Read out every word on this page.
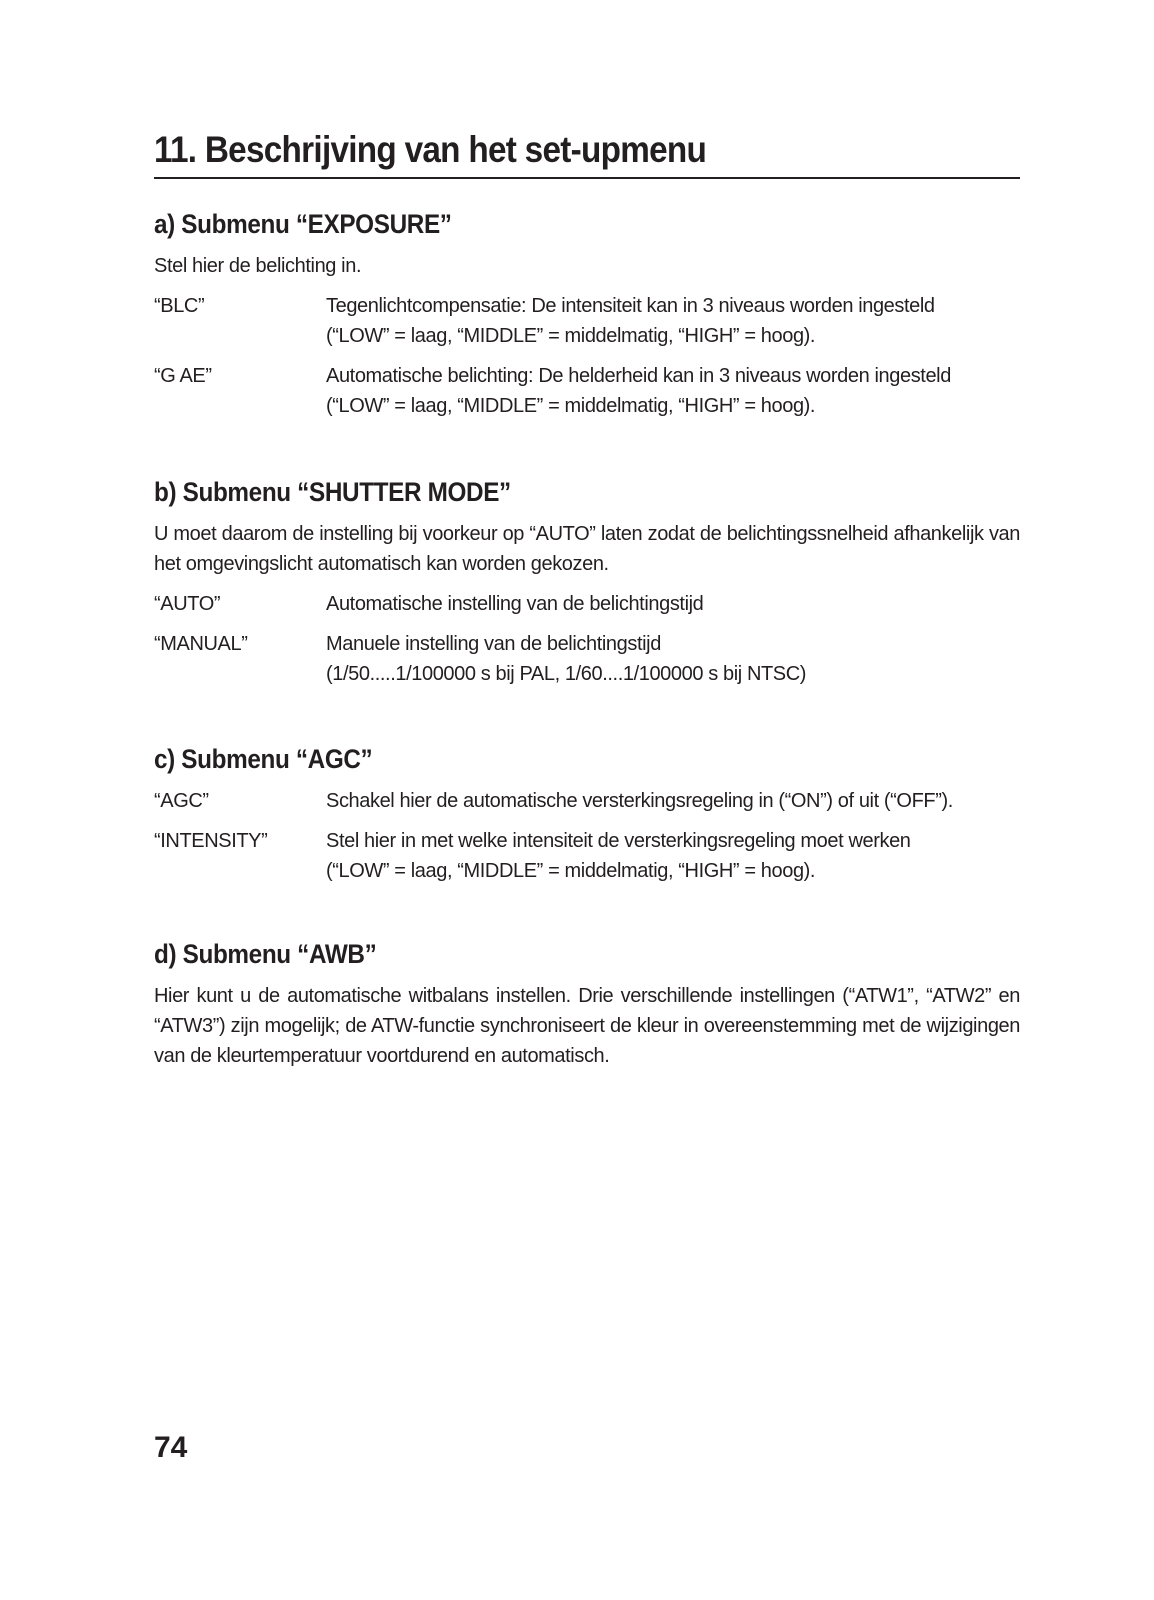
11. Beschrijving van het set-upmenu
a) Submenu “EXPOSURE”
Stel hier de belichting in.
“BLC”	Tegenlichtcompensatie: De intensiteit kan in 3 niveaus worden ingesteld
(“LOW” = laag, “MIDDLE” = middelmatig, “HIGH” = hoog).
“G AE”	Automatische belichting: De helderheid kan in 3 niveaus worden ingesteld
(“LOW” = laag, “MIDDLE” = middelmatig, “HIGH” = hoog).
b) Submenu “SHUTTER MODE”
U moet daarom de instelling bij voorkeur op “AUTO” laten zodat de belichtingssnelheid afhankelijk van het omgevingslicht automatisch kan worden gekozen.
“AUTO”	Automatische instelling van de belichtingstijd
“MANUAL”	Manuele instelling van de belichtingstijd
(1/50.....1/100000 s bij PAL, 1/60....1/100000 s bij NTSC)
c) Submenu “AGC”
“AGC”	Schakel hier de automatische versterkingsregeling in (“ON”) of uit (“OFF”).
“INTENSITY”	Stel hier in met welke intensiteit de versterkingsregeling moet werken
(“LOW” = laag, “MIDDLE” = middelmatig, “HIGH” = hoog).
d) Submenu “AWB”
Hier kunt u de automatische witbalans instellen. Drie verschillende instellingen (“ATW1”, “ATW2” en “ATW3”) zijn mogelijk; de ATW-functie synchroniseert de kleur in overeenstemming met de wijzigingen van de kleurtemperatuur voortdurend en automatisch.
74
